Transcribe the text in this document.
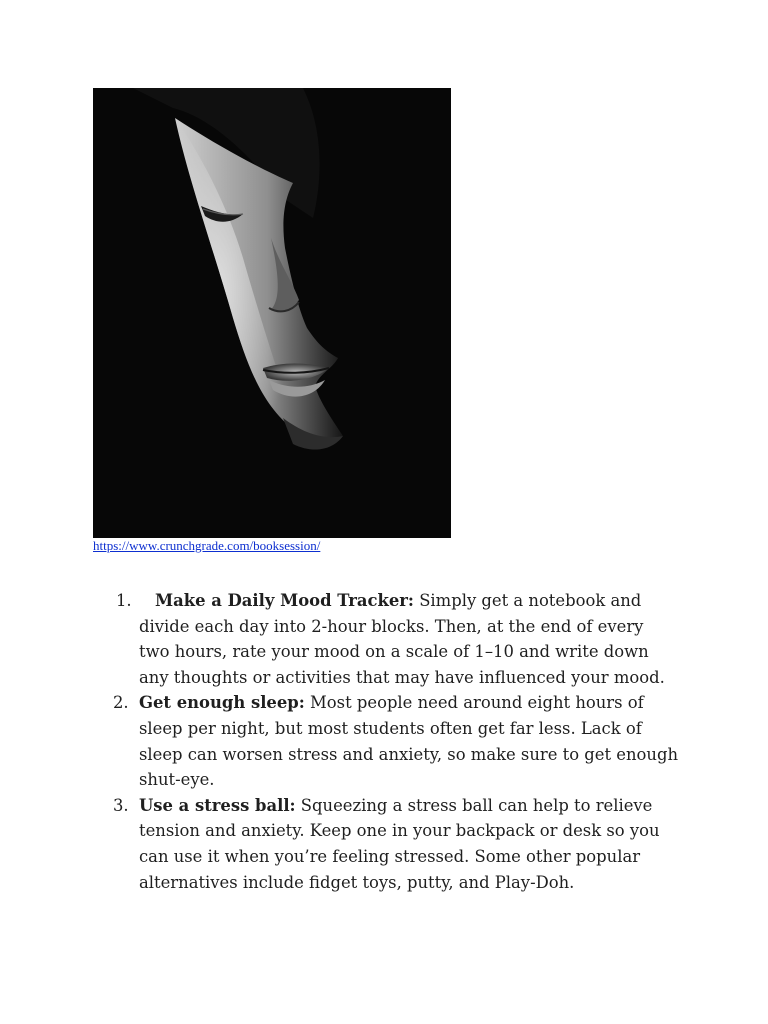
https://www.crunchgrade.com/booksession/
1. Make a Daily Mood Tracker: Simply get a notebook and divide each day into 2-hour blocks. Then, at the end of every two hours, rate your mood on a scale of 1–10 and write down any thoughts or activities that may have influenced your mood.
2. Get enough sleep: Most people need around eight hours of sleep per night, but most students often get far less. Lack of sleep can worsen stress and anxiety, so make sure to get enough shut-eye.
3. Use a stress ball: Squeezing a stress ball can help to relieve tension and anxiety. Keep one in your backpack or desk so you can use it when you’re feeling stressed. Some other popular alternatives include fidget toys, putty, and Play-Doh.
